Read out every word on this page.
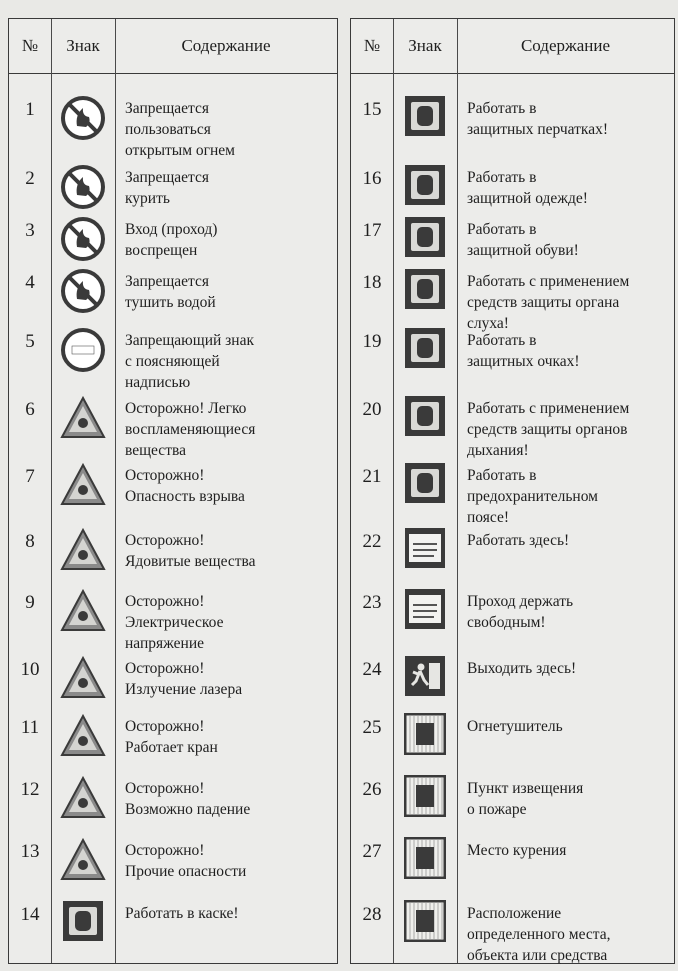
№	Знак	Содержание
1	Запрещается
пользоваться
открытым огнем
2	Запрещается
курить
3	Вход (проход)
воспрещен
4	Запрещается
тушить водой
5	Запрещающий знак
с поясняющей
надписью
6	Осторожно! Легко
воспламеняющиеся
вещества
7	Осторожно!
Опасность взрыва
8	Осторожно!
Ядовитые вещества
9	Осторожно!
Электрическое
напряжение
10	Осторожно!
Излучение лазера
11	Осторожно!
Работает кран
12	Осторожно!
Возможно падение
13	Осторожно!
Прочие опасности
14	Работать в каске!
№	Знак	Содержание
15	Работать в
защитных перчатках!
16	Работать в
защитной одежде!
17	Работать в
защитной обуви!
18	Работать с применением
средств защиты органа
слуха!
19	Работать в
защитных очках!
20	Работать с применением
средств защиты органов
дыхания!
21	Работать в
предохранительном
поясе!
22	Работать здесь!
23	Проход держать
свободным!
24	Выходить здесь!
25	Огнетушитель
26	Пункт извещения
о пожаре
27	Место курения
28	Расположение
определенного места,
объекта или средства
